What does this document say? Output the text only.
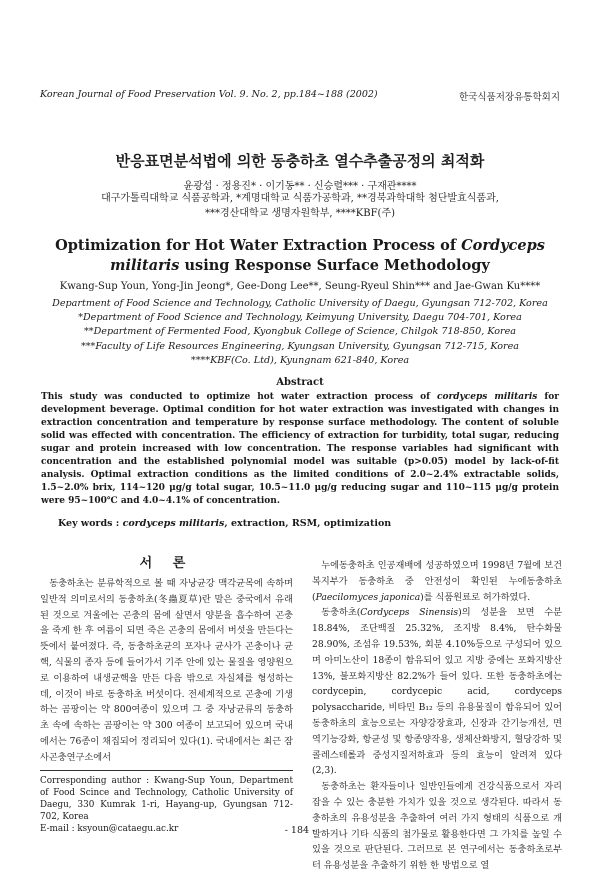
Korean Journal of Food Preservation Vol. 9. No. 2, pp.184~188 (2002)	한국식품저장유통학회지
반응표면분석법에 의한 동충하초 열수추출공정의 최적화
윤광섭 · 정용진* · 이기동** · 신승렬*** · 구재관****
대구가톨릭대학교 식품공학과, *계명대학교 식품가공학과, **경북과학대학 첨단발효식품과,
***경산대학교 생명자원학부, ****KBF(주)
Optimization for Hot Water Extraction Process of Cordyceps militaris using Response Surface Methodology
Kwang-Sup Youn, Yong-Jin Jeong*, Gee-Dong Lee**, Seung-Ryeul Shin*** and Jae-Gwan Ku****
Department of Food Science and Technology, Catholic University of Daegu, Gyungsan 712-702, Korea
*Department of Food Science and Technology, Keimyung University, Daegu 704-701, Korea
**Department of Fermented Food, Kyongbuk College of Science, Chilgok 718-850, Korea
***Faculty of Life Resources Engineering, Kyungsan University, Gyungsan 712-715, Korea
****KBF(Co. Ltd), Kyungnam 621-840, Korea
Abstract

This study was conducted to optimize hot water extraction process of cordyceps militaris for development beverage. Optimal condition for hot water extraction was investigated with changes in extraction concentration and temperature by response surface methodology. The content of soluble solid was effected with concentration. The efficiency of extraction for turbidity, total sugar, reducing sugar and protein increased with low concentration. The response variables had significant with concentration and the established polynomial model was suitable (p>0.05) model by lack-of-fit analysis. Optimal extraction conditions as the limited conditions of 2.0~2.4% extractable solids, 1.5~2.0% brix, 114~120 μg/g total sugar, 10.5~11.0 μg/g reducing sugar and 110~115 μg/g protein were 95~100℃ and 4.0~4.1% of concentration.

Key words : cordyceps militaris, extraction, RSM, optimization
서 론

동충하초는 분류학적으로 볼 때 자낭균강 맥각균목에 속하며 일반적 의미로서의 동충하초(冬蟲夏草)란 말은 중국에서 유래된 것으로 겨울에는 곤충의 몸에 살면서 양분을 흡수하여 곤충을 죽게 한 후 여름이 되면 죽은 곤충의 몸에서 버섯을 만든다는 뜻에서 붙여졌다. 즉, 동충하초균의 포자나 균사가 곤충이나 균핵, 식물의 종자 등에 들어가서 기주 안에 있는 물질을 영양원으로 이용하여 내생균핵을 만든 다음 밖으로 자실체를 형성하는데, 이것이 바로 동충하초 버섯이다. 전세계적으로 곤충에 기생하는 곰팡이는 약 800여종이 있으며 그 중 자낭균류의 동충하초 속에 속하는 곰팡이는 약 300 여종이 보고되어 있으며 국내에서는 76종이 채집되어 정리되어 있다(1). 국내에서는 최근 잠사곤충연구소에서

Corresponding author : Kwang-Sup Youn, Department of Food Scince and Technology, Catholic University of Daegu, 330 Kumrak 1-ri, Hayang-up, Gyungsan 712-702, Korea
E-mail : ksyoun@cataegu.ac.kr

누에동충하초 인공재배에 성공하였으며 1998년 7월에 보건복지부가 동충하초 중 안전성이 확인된 누에동충하초(Paecilomyces japonica)를 식품원료로 허가하였다.

동충하초(Cordyceps Sinensis)의 성분을 보면 수분 18.84%, 조단백질 25.32%, 조지방 8.4%, 탄수화물 28.90%, 조섬유 19.53%, 회분 4.10%등으로 구성되어 있으며 아미노산이 18종이 함유되어 있고 지방 중에는 포화지방산 13%, 불포화지방산 82.2%가 들어 있다. 또한 동충하초에는 cordycepin, cordycepic acid, cordyceps polysaccharide, 비타민 B₁₂ 등의 유용물질이 함유되어 있어 동충하초의 효능으로는 자양강장효과, 신장과 간기능개선, 면역기능강화, 항균성 및 항종양작용, 생체산화방지, 혈당강하 및 콜레스테롤과 중성지질저하효과 등의 효능이 알려져 있다(2,3).

동충하초는 환자들이나 일반인들에게 건강식품으로서 자리잡을 수 있는 충분한 가치가 있을 것으로 생각된다. 따라서 동충하초의 유용성분을 추출하여 여러 가지 형태의 식품으로 개발하거나 기타 식품의 첨가물로 활용한다면 그 가치를 높일 수 있을 것으로 판단된다. 그러므로 본 연구에서는 동충하초로부터 유용성분을 추출하기 위한 한 방법으로 열

- 184 -
